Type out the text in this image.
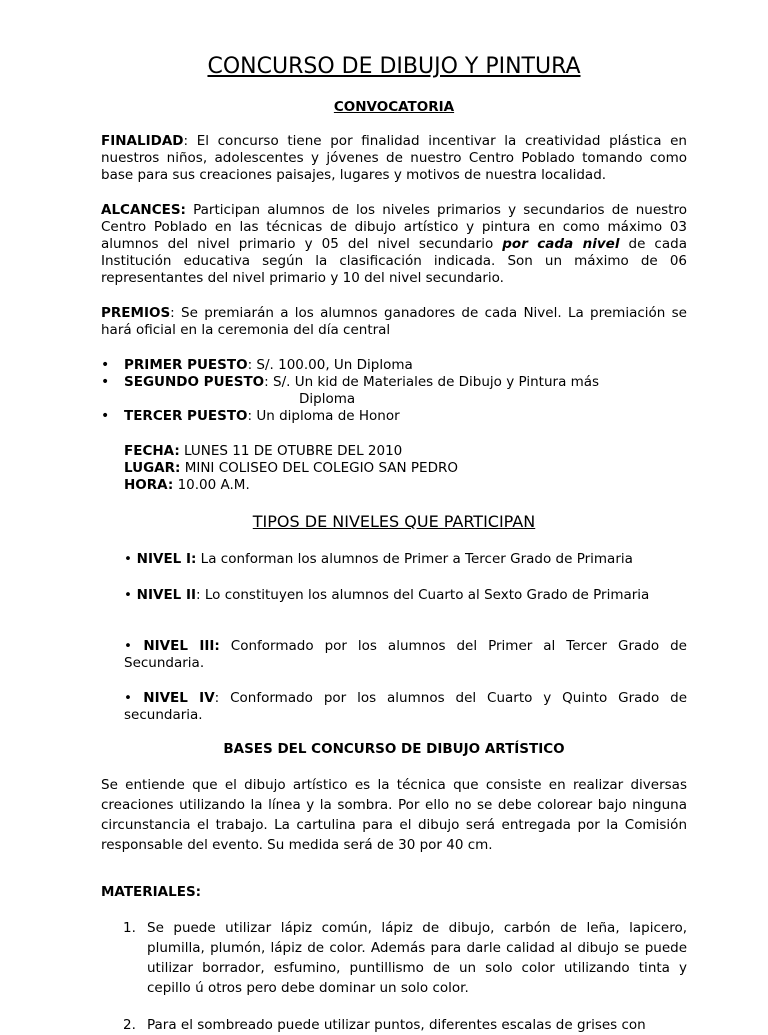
CONCURSO DE DIBUJO Y PINTURA
CONVOCATORIA

FINALIDAD: El concurso tiene por finalidad incentivar la creatividad plástica en nuestros niños, adolescentes y jóvenes de nuestro Centro Poblado tomando como base para sus creaciones paisajes, lugares y motivos de nuestra localidad.

ALCANCES: Participan alumnos de los niveles primarios y secundarios de nuestro Centro Poblado en las técnicas de dibujo artístico y pintura en como máximo 03 alumnos del nivel primario y 05 del nivel secundario por cada nivel de cada Institución educativa según la clasificación indicada. Son un máximo de 06 representantes del nivel primario y 10 del nivel secundario.

PREMIOS: Se premiarán a los alumnos ganadores de cada Nivel. La premiación se hará oficial en la ceremonia del día central

• PRIMER PUESTO: S/. 100.00, Un Diploma
• SEGUNDO PUESTO: S/. Un kid de Materiales de Dibujo y Pintura más
Diploma
• TERCER PUESTO: Un diploma de Honor
FECHA: LUNES 11 DE OTUBRE DEL 2010
LUGAR: MINI COLISEO DEL COLEGIO SAN PEDRO
HORA: 10.00 A.M.
TIPOS DE NIVELES QUE PARTICIPAN

• NIVEL I: La conforman los alumnos de Primer a Tercer Grado de Primaria

• NIVEL II: Lo constituyen los alumnos del Cuarto al Sexto Grado de Primaria

• NIVEL III: Conformado por los alumnos del Primer al Tercer Grado de Secundaria.

• NIVEL IV: Conformado por los alumnos del Cuarto y Quinto Grado de secundaria.

BASES DEL CONCURSO DE DIBUJO ARTÍSTICO

Se entiende que el dibujo artístico es la técnica que consiste en realizar diversas creaciones utilizando la línea y la sombra. Por ello no se debe colorear bajo ninguna circunstancia el trabajo. La cartulina para el dibujo será entregada por la Comisión responsable del evento. Su medida será de 30 por 40 cm.

MATERIALES:
1. Se puede utilizar lápiz común, lápiz de dibujo, carbón de leña, lapicero, plumilla, plumón, lápiz de color. Además para darle calidad al dibujo se puede utilizar borrador, esfumino, puntillismo de un solo color utilizando tinta y cepillo ú otros pero debe dominar un solo color.
2. Para el sombreado puede utilizar puntos, diferentes escalas de grises con
